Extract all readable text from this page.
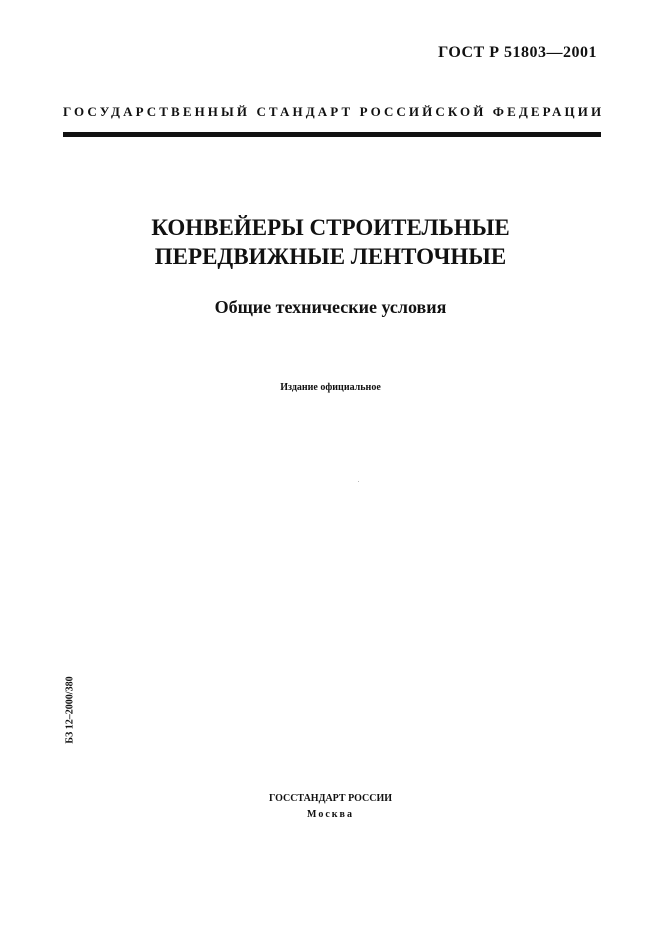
ГОСТ Р 51803—2001
ГОСУДАРСТВЕННЫЙ СТАНДАРТ РОССИЙСКОЙ ФЕДЕРАЦИИ
КОНВЕЙЕРЫ СТРОИТЕЛЬНЫЕ
ПЕРЕДВИЖНЫЕ ЛЕНТОЧНЫЕ
Общие технические условия
Издание официальное
БЗ 12–2000/380
ГОССТАНДАРТ РОССИИ
Москва
